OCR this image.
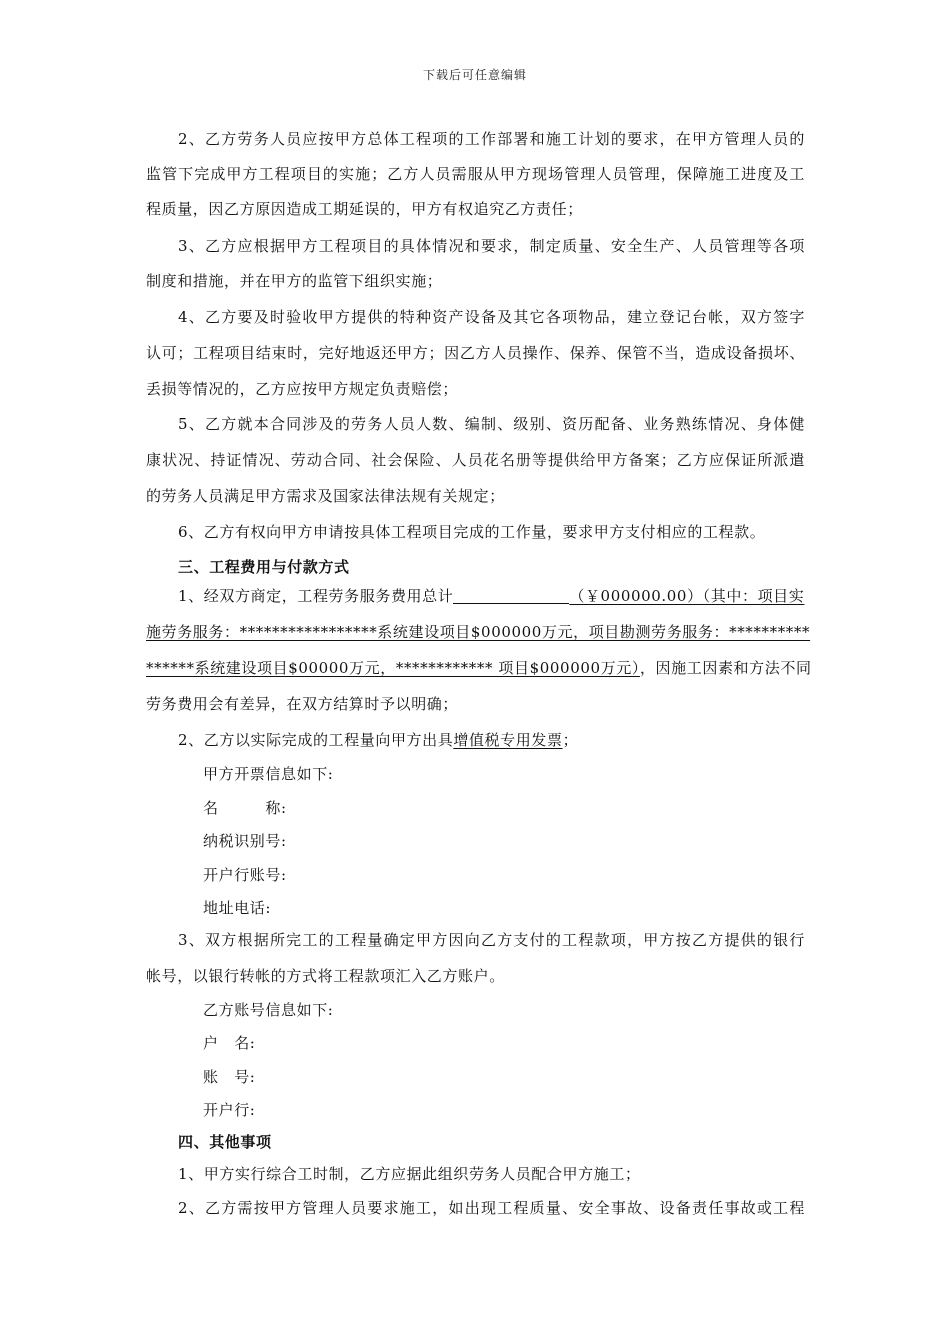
下载后可任意编辑
2、乙方劳务人员应按甲方总体工程项的工作部署和施工计划的要求，在甲方管理人员的
监管下完成甲方工程项目的实施；乙方人员需服从甲方现场管理人员管理，保障施工进度及工
程质量，因乙方原因造成工期延误的，甲方有权追究乙方责任；
3、乙方应根据甲方工程项目的具体情况和要求，制定质量、安全生产、人员管理等各项
制度和措施，并在甲方的监管下组织实施；
4、乙方要及时验收甲方提供的特种资产设备及其它各项物品，建立登记台帐，双方签字
认可；工程项目结束时，完好地返还甲方；因乙方人员操作、保养、保管不当，造成设备损坏、
丢损等情况的，乙方应按甲方规定负责赔偿；
5、乙方就本合同涉及的劳务人员人数、编制、级别、资历配备、业务熟练情况、身体健
康状况、持证情况、劳动合同、社会保险、人员花名册等提供给甲方备案；乙方应保证所派遣
的劳务人员满足甲方需求及国家法律法规有关规定；
6、乙方有权向甲方申请按具体工程项目完成的工作量，要求甲方支付相应的工程款。
三、工程费用与付款方式
1、经双方商定，工程劳务服务费用总计	（￥000000.00）（其中：项目实
施劳务服务：*****************系统建设项目$000000万元，项目勘测劳务服务：**********
******系统建设项目$00000万元，************ 项目$000000万元），因施工因素和方法不同
劳务费用会有差异，在双方结算时予以明确；
2、乙方以实际完成的工程量向甲方出具增值税专用发票；
甲方开票信息如下:
名　　　称:
纳税识别号:
开户行账号:
地址电话:
3、双方根据所完工的工程量确定甲方因向乙方支付的工程款项，甲方按乙方提供的银行
帐号，以银行转帐的方式将工程款项汇入乙方账户。
乙方账号信息如下:
户　名:
账　号:
开户行:
四、其他事项
1、甲方实行综合工时制，乙方应据此组织劳务人员配合甲方施工；
2、乙方需按甲方管理人员要求施工，如出现工程质量、安全事故、设备责任事故或工程
